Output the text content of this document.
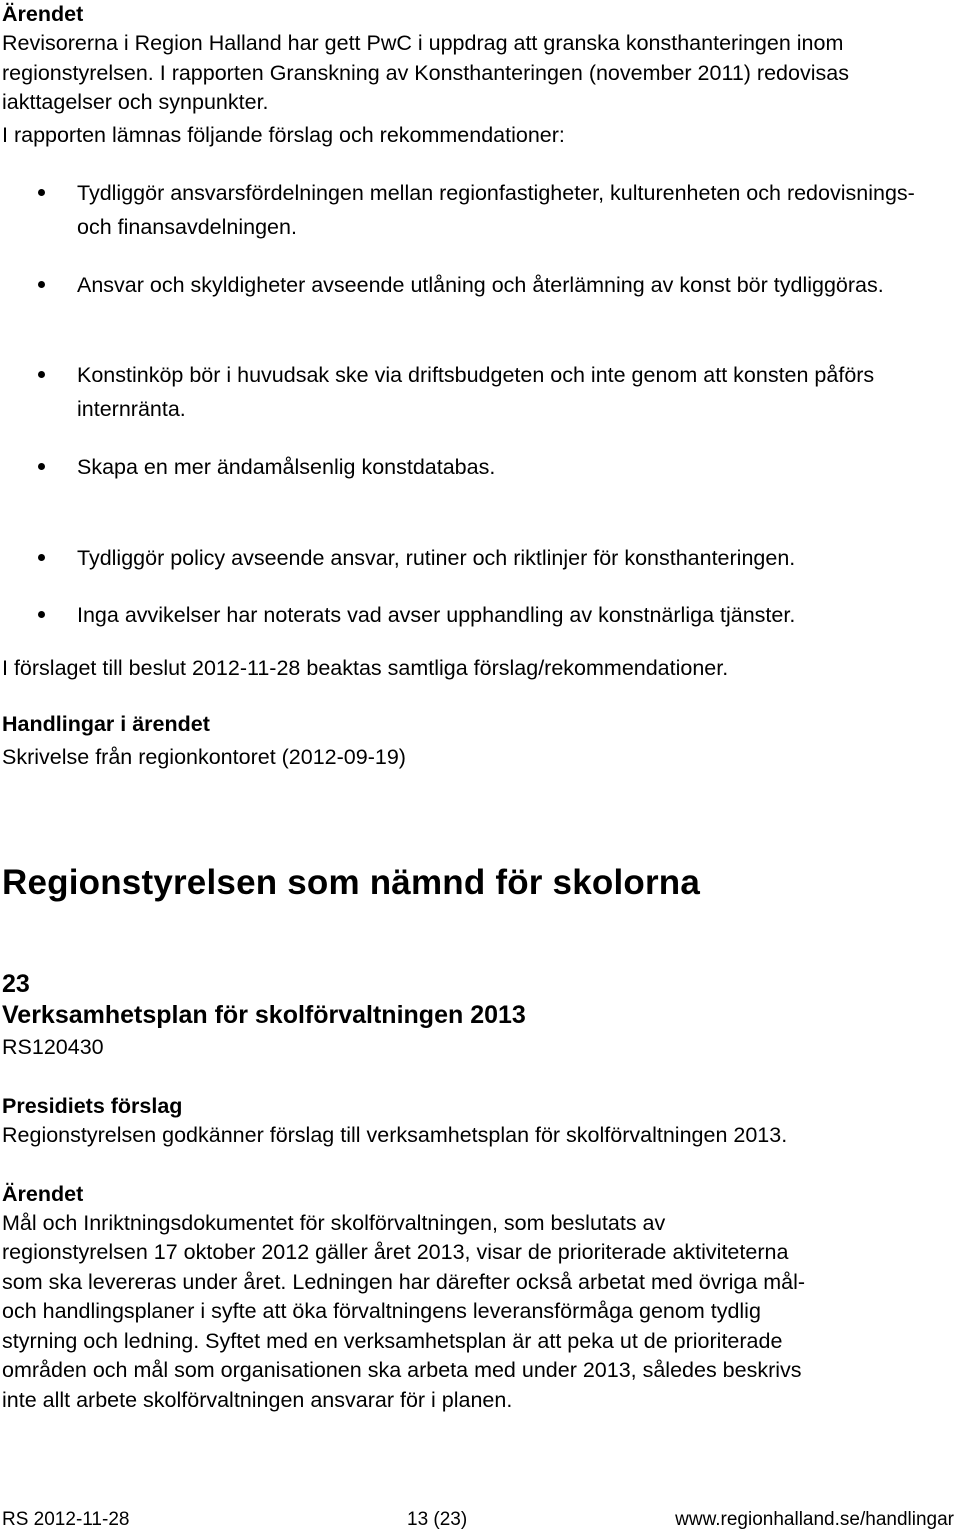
Ärendet

Revisorerna i Region Halland har gett PwC i uppdrag att granska konsthanteringen inom regionstyrelsen. I rapporten Granskning av Konsthanteringen (november 2011) redovisas iakttagelser och synpunkter.

I rapporten lämnas följande förslag och rekommendationer:

Tydliggör ansvarsfördelningen mellan regionfastigheter, kulturenheten och redovisnings- och finansavdelningen.
Ansvar och skyldigheter avseende utlåning och återlämning av konst bör tydliggöras.
Konstinköp bör i huvudsak ske via driftsbudgeten och inte genom att konsten påförs internränta.
Skapa en mer ändamålsenlig konstdatabas.
Tydliggör policy avseende ansvar, rutiner och riktlinjer för konsthanteringen.
Inga avvikelser har noterats vad avser upphandling av konstnärliga tjänster.

I förslaget till beslut 2012-11-28 beaktas samtliga förslag/rekommendationer.

Handlingar i ärendet

Skrivelse från regionkontoret (2012-09-19)

Regionstyrelsen som nämnd för skolorna

23

Verksamhetsplan för skolförvaltningen 2013

RS120430

Presidiets förslag

Regionstyrelsen godkänner förslag till verksamhetsplan för skolförvaltningen 2013.

Ärendet

Mål och Inriktningsdokumentet för skolförvaltningen, som beslutats av

regionstyrelsen 17 oktober 2012 gäller året 2013, visar de prioriterade aktiviteterna

som ska levereras under året. Ledningen har därefter också arbetat med övriga mål-

och handlingsplaner i syfte att öka förvaltningens leveransförmåga genom tydlig

styrning och ledning. Syftet med en verksamhetsplan är att peka ut de prioriterade

områden och mål som organisationen ska arbeta med under 2013, således beskrivs

inte allt arbete skolförvaltningen ansvarar för i planen.

RS 2012-11-28	13 (23)	www.regionhalland.se/handlingar
